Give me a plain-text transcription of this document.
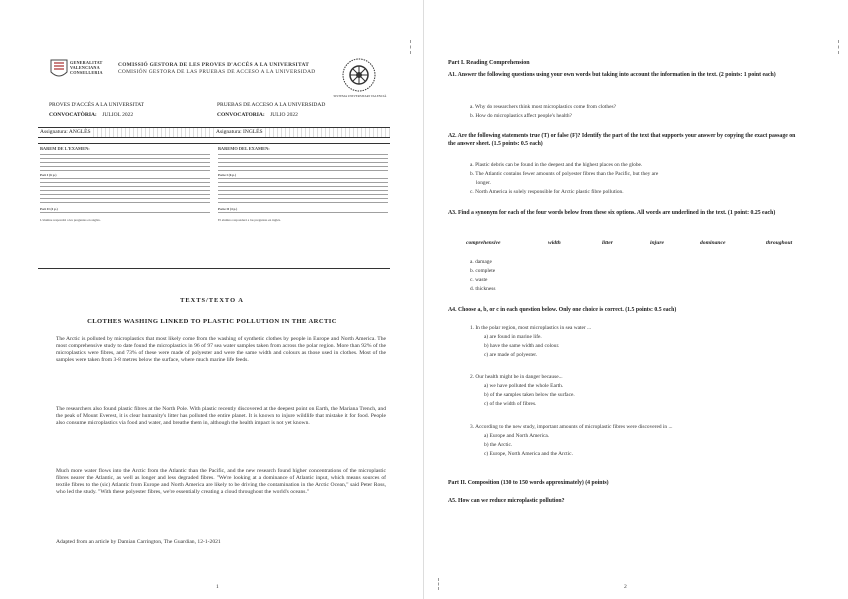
GENERALITAT
VALENCIANA
CONSELLERIA
COMISSIÓ GESTORA DE LES PROVES D'ACCÉS A LA UNIVERSITAT
COMISIÓN GESTORA DE LAS PRUEBAS DE ACCESO A LA UNIVERSIDAD
SISTEMA UNIVERSITARI VALENCIÀ
PROVES D'ACCÉS A LA UNIVERSITAT	PRUEBAS DE ACCESO A LA UNIVERSIDAD
CONVOCATÒRIA: JULIOL 2022	CONVOCATORIA: JULIO 2022
Assignatura: ANGLÈS	Asignatura: INGLÉS
BAREM DE L'EXAMEN:
Part I (6 p.)
Part II (4 p.)
L'alumne respondrà a les preguntes en anglès.
BAREMO DEL EXAMEN:
Parte I (6 p.)
Parte II (4 p.)
El alumno responderá a las preguntas en inglés.
TEXTS/TEXTO A
CLOTHES WASHING LINKED TO PLASTIC POLLUTION IN THE ARCTIC
The Arctic is polluted by microplastics that most likely come from the washing of synthetic clothes by people in Europe and North America. The most comprehensive study to date found the microplastics in 96 of 97 sea water samples taken from across the polar region. More than 92% of the microplastics were fibres, and 73% of these were made of polyester and were the same width and colours as those used in clothes. Most of the samples were taken from 3-8 metres below the surface, where much marine life feeds.
The researchers also found plastic fibres at the North Pole. With plastic recently discovered at the deepest point on Earth, the Mariana Trench, and the peak of Mount Everest, it is clear humanity's litter has polluted the entire planet. It is known to injure wildlife that mistake it for food. People also consume microplastics via food and water, and breathe them in, although the health impact is not yet known.
Much more water flows into the Arctic from the Atlantic than the Pacific, and the new research found higher concentrations of the microplastic fibres nearer the Atlantic, as well as longer and less degraded fibres. "We're looking at a dominance of Atlantic input, which means sources of textile fibres to the (sic) Atlantic from Europe and North America are likely to be driving the contamination in the Arctic Ocean," said Peter Ross, who led the study. "With these polyester fibres, we're essentially creating a cloud throughout the world's oceans."
Adapted from an article by Damian Carrington, The Guardian, 12-1-2021
1
Part I. Reading Comprehension
A1. Answer the following questions using your own words but taking into account the information in the text. (2 points: 1 point each)
a. Why do researchers think most microplastics come from clothes?
b. How do microplastics affect people's health?
A2. Are the following statements true (T) or false (F)? Identify the part of the text that supports your answer by copying the exact passage on the answer sheet. (1.5 points: 0.5 each)
a. Plastic debris can be found in the deepest and the highest places on the globe.
b. The Atlantic contains fewer amounts of polyester fibres than the Pacific, but they are
longer.
c. North America is solely responsible for Arctic plastic fibre pollution.
A3. Find a synonym for each of the four words below from these six options. All words are underlined in the text. (1 point: 0.25 each)
comprehensive	width	litter	injure	dominance	throughout
a. damage
b. complete
c. waste
d. thickness
A4. Choose a, b, or c in each question below. Only one choice is correct. (1.5 points: 0.5 each)
1. In the polar region, most microplastics in sea water ...
a) are found in marine life.
b) have the same width and colour.
c) are made of polyester.
2. Our health might be in danger because...
a) we have polluted the whole Earth.
b) of the samples taken below the surface.
c) of the width of fibres.
3. According to the new study, important amounts of microplastic fibres were discovered in ...
a) Europe and North America.
b) the Arctic.
c) Europe, North America and the Arctic.
Part II. Composition (130 to 150 words approximately) (4 points)
A5. How can we reduce microplastic pollution?
2
